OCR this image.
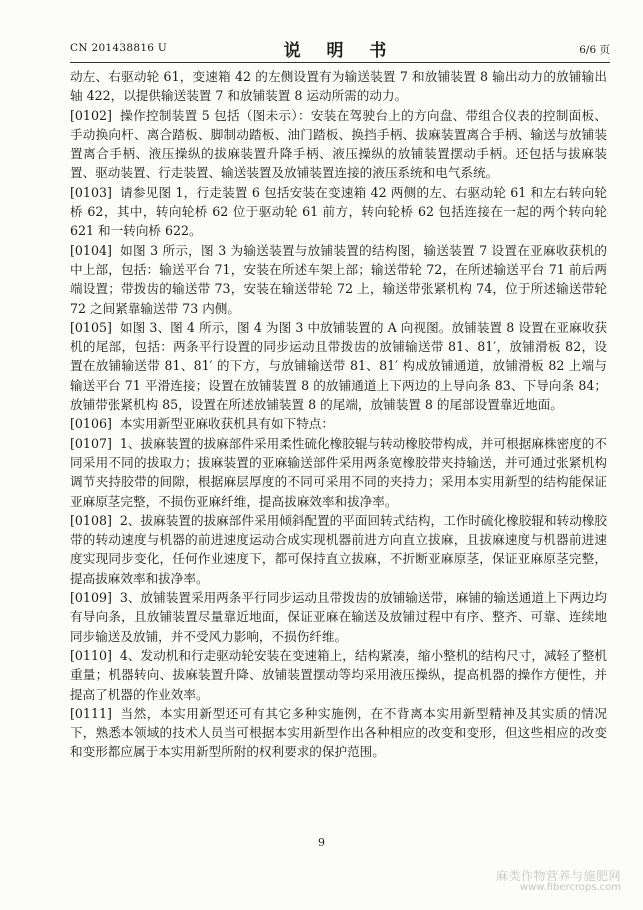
CN 201438816 U	说 明 书	6/6 页

动左、右驱动轮 61，变速箱 42 的左侧设置有为输送装置 7 和放铺装置 8 输出动力的放铺输出轴 422，以提供输送装置 7 和放铺装置 8 运动所需的动力。

[0102] 操作控制装置 5 包括（图未示）：安装在驾驶台上的方向盘、带组合仪表的控制面板、手动换向杆、离合踏板、脚制动踏板、油门踏板、换挡手柄、拔麻装置离合手柄、输送与放铺装置离合手柄、液压操纵的拔麻装置升降手柄、液压操纵的放铺装置摆动手柄。还包括与拔麻装置、驱动装置、行走装置、输送装置及放铺装置连接的液压系统和电气系统。

[0103] 请参见图 1，行走装置 6 包括安装在变速箱 42 两侧的左、右驱动轮 61 和左右转向轮桥 62，其中，转向轮桥 62 位于驱动轮 61 前方，转向轮桥 62 包括连接在一起的两个转向轮 621 和一转向桥 622。

[0104] 如图 3 所示，图 3 为输送装置与放铺装置的结构图，输送装置 7 设置在亚麻收获机的中上部，包括：输送平台 71，安装在所述车架上部；输送带轮 72，在所述输送平台 71 前后两端设置；带拨齿的输送带 73，安装在输送带轮 72 上，输送带张紧机构 74，位于所述输送带轮 72 之间紧靠输送带 73 内侧。

[0105] 如图 3、图 4 所示，图 4 为图 3 中放铺装置的 A 向视图。放铺装置 8 设置在亚麻收获机的尾部，包括：两条平行设置的同步运动且带拨齿的放铺输送带 81、81′，放铺滑板 82，设置在放铺输送带 81、81′ 的下方，与放铺输送带 81、81′ 构成放铺通道，放铺滑板 82 上端与输送平台 71 平滑连接；设置在放铺装置 8 的放铺通道上下两边的上导向条 83、下导向条 84；放铺带张紧机构 85，设置在所述放铺装置 8 的尾端，放铺装置 8 的尾部设置靠近地面。

[0106] 本实用新型亚麻收获机具有如下特点：

[0107] 1、拔麻装置的拔麻部件采用柔性硫化橡胶辊与转动橡胶带构成，并可根据麻株密度的不同采用不同的拔取力；拔麻装置的亚麻输送部件采用两条宽橡胶带夹持输送，并可通过张紧机构调节夹持胶带的间隙，根据麻层厚度的不同可采用不同的夹持力；采用本实用新型的结构能保证亚麻原茎完整，不损伤亚麻纤维，提高拔麻效率和拔净率。

[0108] 2、拔麻装置的拔麻部件采用倾斜配置的平面回转式结构，工作时硫化橡胶辊和转动橡胶带的转动速度与机器的前进速度运动合成实现机器前进方向直立拔麻，且拔麻速度与机器前进速度实现同步变化，任何作业速度下，都可保持直立拔麻，不折断亚麻原茎，保证亚麻原茎完整，提高拔麻效率和拔净率。

[0109] 3、放铺装置采用两条平行同步运动且带拨齿的放铺输送带，麻铺的输送通道上下两边均有导向条，且放铺装置尽量靠近地面，保证亚麻在输送及放铺过程中有序、整齐、可靠、连续地同步输送及放铺，并不受风力影响，不损伤纤维。

[0110] 4、发动机和行走驱动轮安装在变速箱上，结构紧凑，缩小整机的结构尺寸，减轻了整机重量；机器转向、拔麻装置升降、放铺装置摆动等均采用液压操纵，提高机器的操作方便性，并提高了机器的作业效率。

[0111] 当然，本实用新型还可有其它多种实施例，在不背离本实用新型精神及其实质的情况下，熟悉本领域的技术人员当可根据本实用新型作出各种相应的改变和变形，但这些相应的改变和变形都应属于本实用新型所附的权利要求的保护范围。

9
麻类作物营养与施肥网
www.fibercrops.com
